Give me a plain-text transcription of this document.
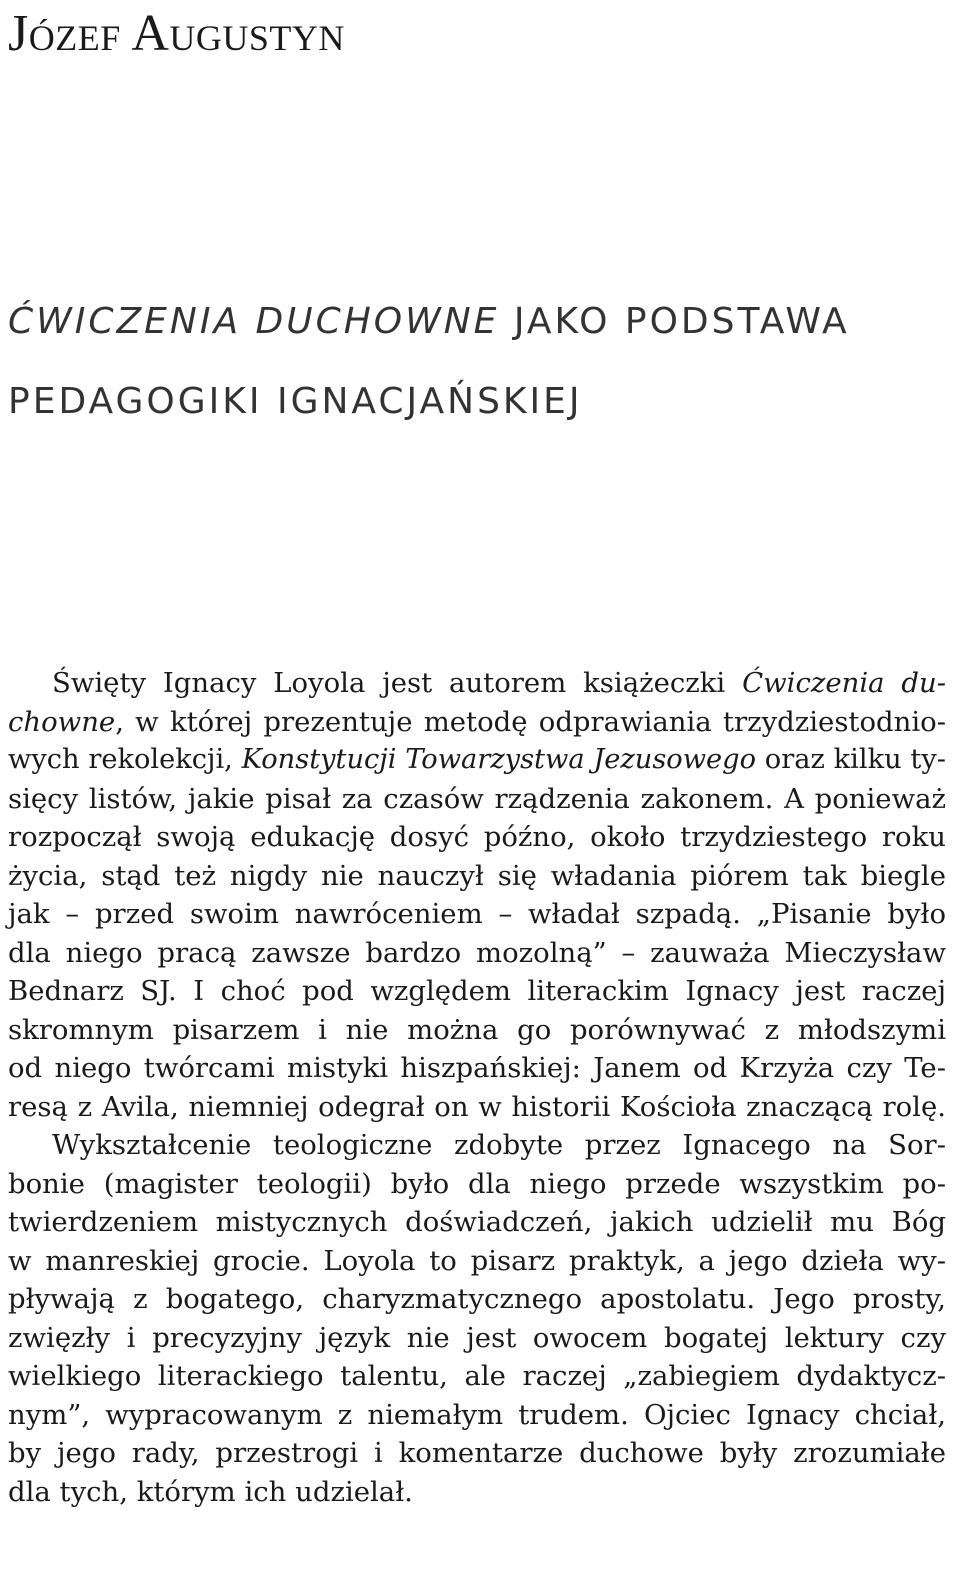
Józef Augustyn
ĆWICZENIA DUCHOWNE JAKO PODSTAWA
PEDAGOGIKI IGNACJAŃSKIEJ
Święty Ignacy Loyola jest autorem książeczki Ćwiczenia du-
chowne, w której prezentuje metodę odprawiania trzydziestodnio-
wych rekolekcji, Konstytucji Towarzystwa Jezusowego oraz kilku ty-
sięcy listów, jakie pisał za czasów rządzenia zakonem. A ponieważ
rozpoczął swoją edukację dosyć późno, około trzydziestego roku
życia, stąd też nigdy nie nauczył się władania piórem tak biegle
jak – przed swoim nawróceniem – władał szpadą. „Pisanie było
dla niego pracą zawsze bardzo mozolną” – zauważa Mieczysław
Bednarz SJ. I choć pod względem literackim Ignacy jest raczej
skromnym pisarzem i nie można go porównywać z młodszymi
od niego twórcami mistyki hiszpańskiej: Janem od Krzyża czy Te-
resą z Avila, niemniej odegrał on w historii Kościoła znaczącą rolę.
Wykształcenie teologiczne zdobyte przez Ignacego na Sor-
bonie (magister teologii) było dla niego przede wszystkim po-
twierdzeniem mistycznych doświadczeń, jakich udzielił mu Bóg
w manreskiej grocie. Loyola to pisarz praktyk, a jego dzieła wy-
pływają z bogatego, charyzmatycznego apostolatu. Jego prosty,
zwięzły i precyzyjny język nie jest owocem bogatej lektury czy
wielkiego literackiego talentu, ale raczej „zabiegiem dydaktycz-
nym”, wypracowanym z niemałym trudem. Ojciec Ignacy chciał,
by jego rady, przestrogi i komentarze duchowe były zrozumiałe
dla tych, którym ich udzielał.
